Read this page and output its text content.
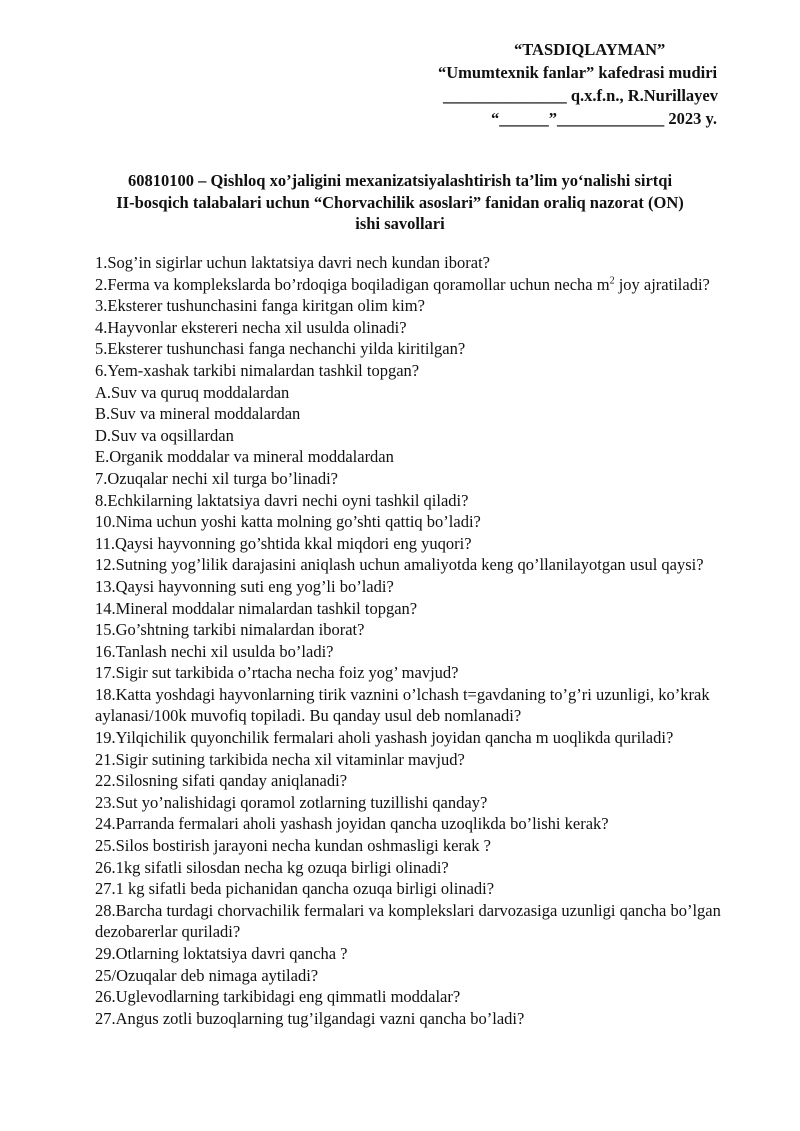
“TASDIQLAYMAN”
“Umumtexnik fanlar” kafedrasi mudiri
_______________ q.x.f.n., R.Nurillayev
“______”_____________ 2023 y.
60810100 – Qishloq xo’jaligini mexanizatsiyalashtirish ta’lim yo‘nalishi sirtqi
II-bosqich talabalari uchun “Chorvachilik asoslari” fanidan oraliq nazorat (ON)
ishi savollari
1.Sog’in sigirlar uchun laktatsiya davri nech kundan iborat?
2.Ferma va komplekslarda bo’rdoqiga boqiladigan qoramollar uchun necha $m^2$ joy ajratiladi?
3.Eksterer tushunchasini fanga kiritgan olim kim?
4.Hayvonlar ekstereri necha xil usulda olinadi?
5.Eksterer tushunchasi fanga nechanchi yilda kiritilgan?
6.Yem-xashak tarkibi nimalardan tashkil topgan?
A.Suv va quruq moddalardan
B.Suv va mineral moddalardan
D.Suv va oqsillardan
E.Organik moddalar va mineral moddalardan
7.Ozuqalar nechi xil turga bo’linadi?
8.Echkilarning laktatsiya davri nechi oyni tashkil qiladi?
10.Nima uchun yoshi katta molning go’shti qattiq bo’ladi?
11.Qaysi hayvonning go’shtida kkal miqdori eng yuqori?
12.Sutning yog’lilik darajasini aniqlash uchun amaliyotda keng qo’llanilayotgan usul qaysi?
13.Qaysi hayvonning suti eng yog’li bo’ladi?
14.Mineral moddalar nimalardan tashkil topgan?
15.Go’shtning tarkibi nimalardan iborat?
16.Tanlash nechi xil usulda bo’ladi?
17.Sigir sut tarkibida o’rtacha necha foiz yog’ mavjud?
18.Katta yoshdagi hayvonlarning tirik vaznini o’lchash t=gavdaning to’g’ri uzunligi, ko’krak aylanasi/100k muvofiq topiladi. Bu qanday usul deb nomlanadi?
19.Yilqichilik quyonchilik fermalari aholi yashash joyidan qancha m uoqlikda quriladi?
21.Sigir sutining tarkibida necha xil vitaminlar mavjud?
22.Silosning sifati qanday aniqlanadi?
23.Sut yo’nalishidagi qoramol zotlarning tuzillishi qanday?
24.Parranda fermalari aholi yashash joyidan qancha uzoqlikda bo’lishi kerak?
25.Silos bostirish jarayoni necha kundan oshmasligi kerak ?
26.1kg sifatli silosdan necha kg ozuqa birligi olinadi?
27.1 kg sifatli beda pichanidan qancha ozuqa birligi olinadi?
28.Barcha turdagi chorvachilik fermalari va komplekslari darvozasiga uzunligi qancha bo’lgan dezobarerlar quriladi?
29.Otlarning loktatsiya davri qancha ?
25/Ozuqalar deb nimaga aytiladi?
26.Uglevodlarning tarkibidagi eng qimmatli moddalar?
27.Angus zotli buzoqlarning tug’ilgandagi vazni qancha bo’ladi?
